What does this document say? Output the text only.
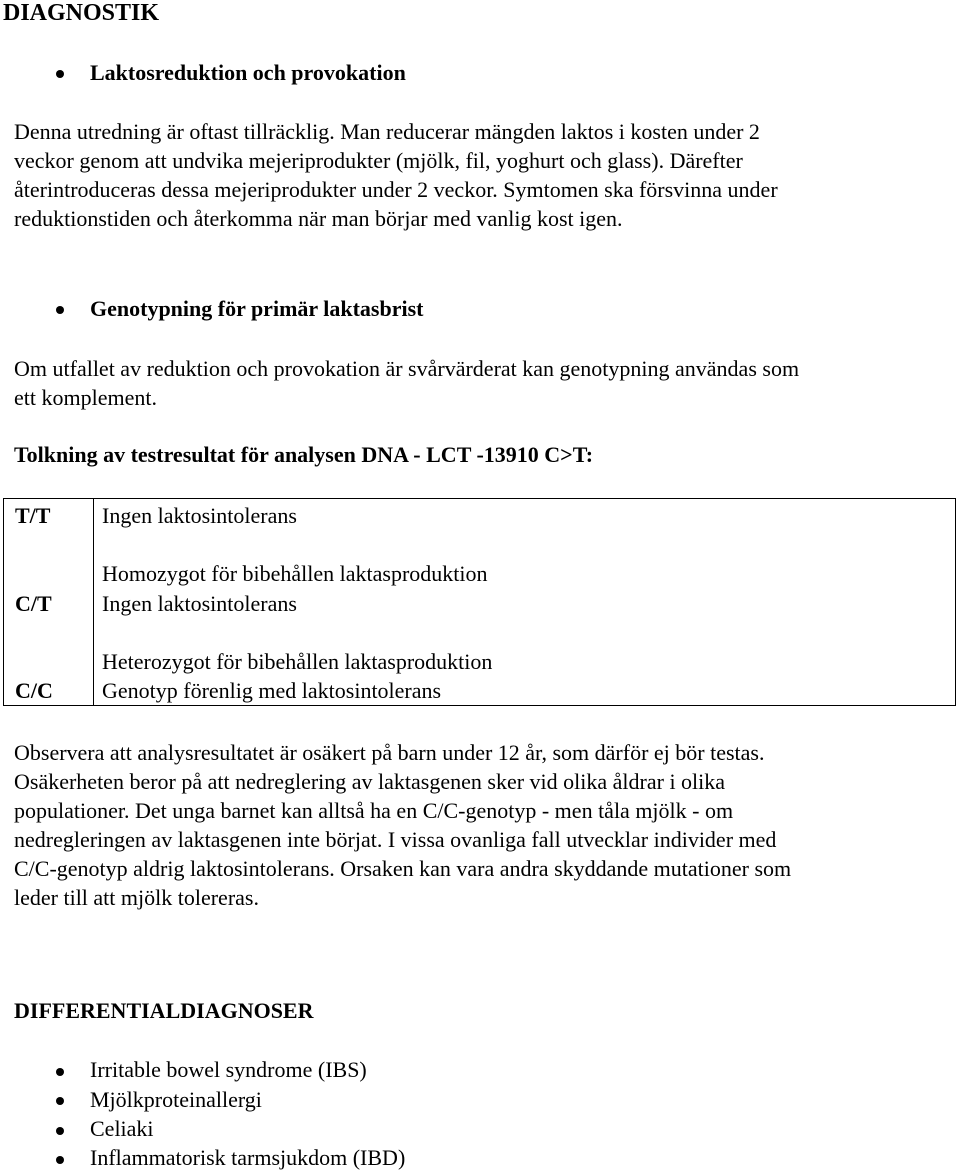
DIAGNOSTIK
Laktosreduktion och provokation
Denna utredning är oftast tillräcklig. Man reducerar mängden laktos i kosten under 2
veckor genom att undvika mejeriprodukter (mjölk, fil, yoghurt och glass). Därefter
återintroduceras dessa mejeriprodukter under 2 veckor. Symtomen ska försvinna under
reduktionstiden och återkomma när man börjar med vanlig kost igen.
Genotypning för primär laktasbrist
Om utfallet av reduktion och provokation är svårvärderat kan genotypning användas som
ett komplement.
Tolkning av testresultat för analysen DNA - LCT -13910 C>T:
T/T Ingen laktosintolerans
Homozygot för bibehållen laktasproduktion
C/T Ingen laktosintolerans
Heterozygot för bibehållen laktasproduktion
C/C Genotyp förenlig med laktosintolerans
Observera att analysresultatet är osäkert på barn under 12 år, som därför ej bör testas.
Osäkerheten beror på att nedreglering av laktasgenen sker vid olika åldrar i olika
populationer. Det unga barnet kan alltså ha en C/C-genotyp - men tåla mjölk - om
nedregleringen av laktasgenen inte börjat. I vissa ovanliga fall utvecklar individer med
C/C-genotyp aldrig laktosintolerans. Orsaken kan vara andra skyddande mutationer som
leder till att mjölk tolereras.
DIFFERENTIALDIAGNOSER
Irritable bowel syndrome (IBS)
Mjölkproteinallergi
Celiaki
Inflammatorisk tarmsjukdom (IBD)
